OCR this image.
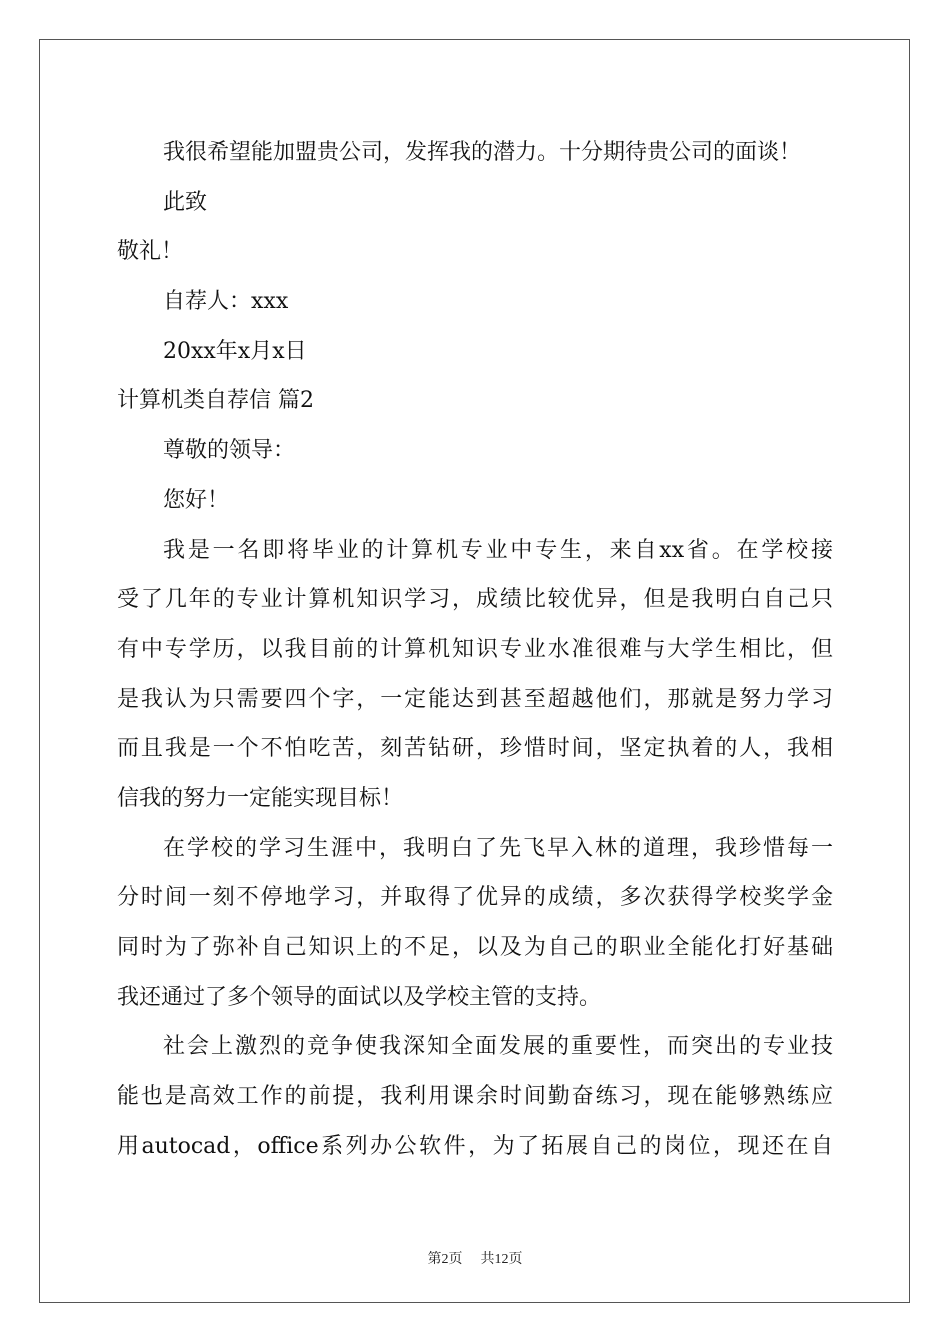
我很希望能加盟贵公司，发挥我的潜力。十分期待贵公司的面谈！
此致
敬礼！
自荐人：xxx
20xx年x月x日
计算机类自荐信 篇2
尊敬的领导：
您好！
我是一名即将毕业的计算机专业中专生，来自xx省。在学校接
受了几年的专业计算机知识学习，成绩比较优异，但是我明白自己只
有中专学历，以我目前的计算机知识专业水准很难与大学生相比，但
是我认为只需要四个字，一定能达到甚至超越他们，那就是努力学习
而且我是一个不怕吃苦，刻苦钻研，珍惜时间，坚定执着的人，我相
信我的努力一定能实现目标！
在学校的学习生涯中，我明白了先飞早入林的道理，我珍惜每一
分时间一刻不停地学习，并取得了优异的成绩，多次获得学校奖学金
同时为了弥补自己知识上的不足，以及为自己的职业全能化打好基础
我还通过了多个领导的面试以及学校主管的支持。
社会上激烈的竞争使我深知全面发展的重要性，而突出的专业技
能也是高效工作的前提，我利用课余时间勤奋练习，现在能够熟练应
用autocad，office系列办公软件，为了拓展自己的岗位，现还在自
第2页 共12页
